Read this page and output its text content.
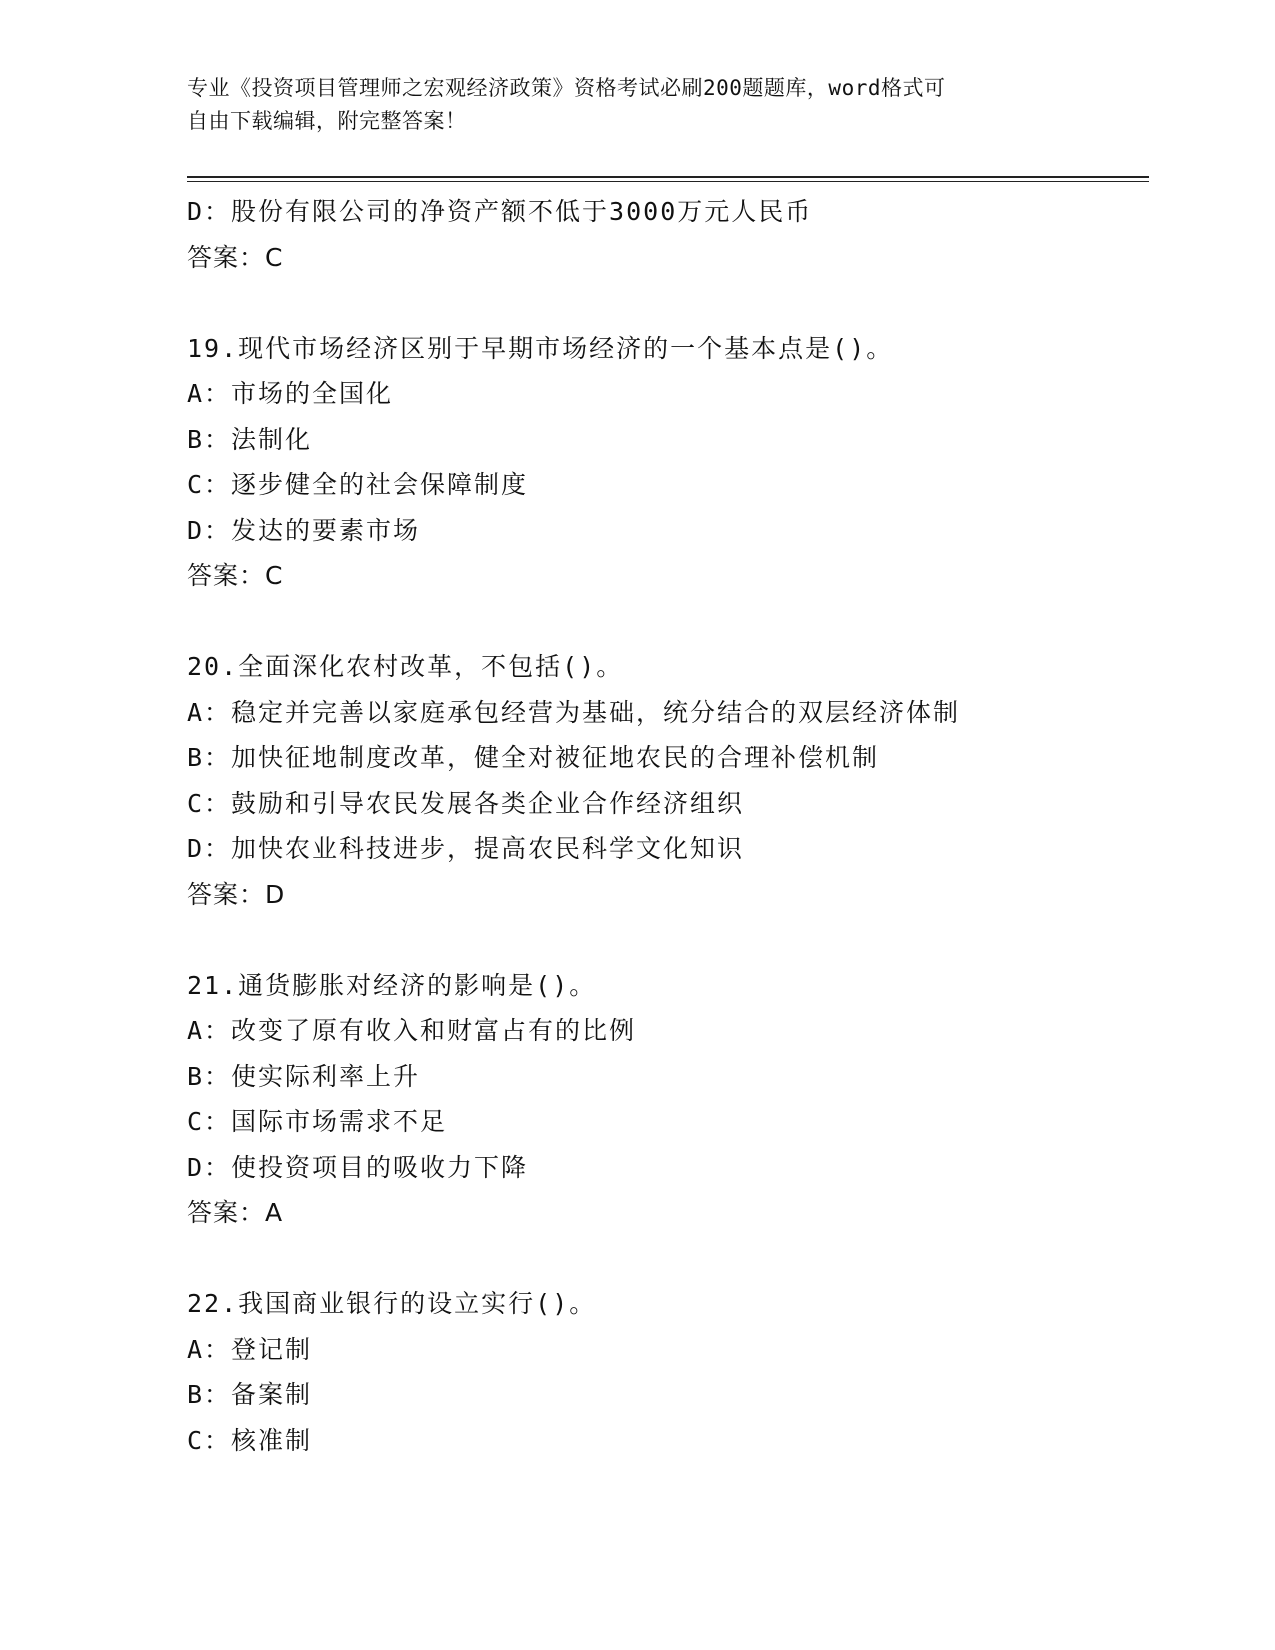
专业《投资项目管理师之宏观经济政策》资格考试必刷200题题库，word格式可
自由下载编辑，附完整答案！
D：股份有限公司的净资产额不低于3000万元人民币
答案：C
19.现代市场经济区别于早期市场经济的一个基本点是()。
A：市场的全国化
B：法制化
C：逐步健全的社会保障制度
D：发达的要素市场
答案：C
20.全面深化农村改革，不包括()。
A：稳定并完善以家庭承包经营为基础，统分结合的双层经济体制
B：加快征地制度改革，健全对被征地农民的合理补偿机制
C：鼓励和引导农民发展各类企业合作经济组织
D：加快农业科技进步，提高农民科学文化知识
答案：D
21.通货膨胀对经济的影响是()。
A：改变了原有收入和财富占有的比例
B：使实际利率上升
C：国际市场需求不足
D：使投资项目的吸收力下降
答案：A
22.我国商业银行的设立实行()。
A：登记制
B：备案制
C：核准制
